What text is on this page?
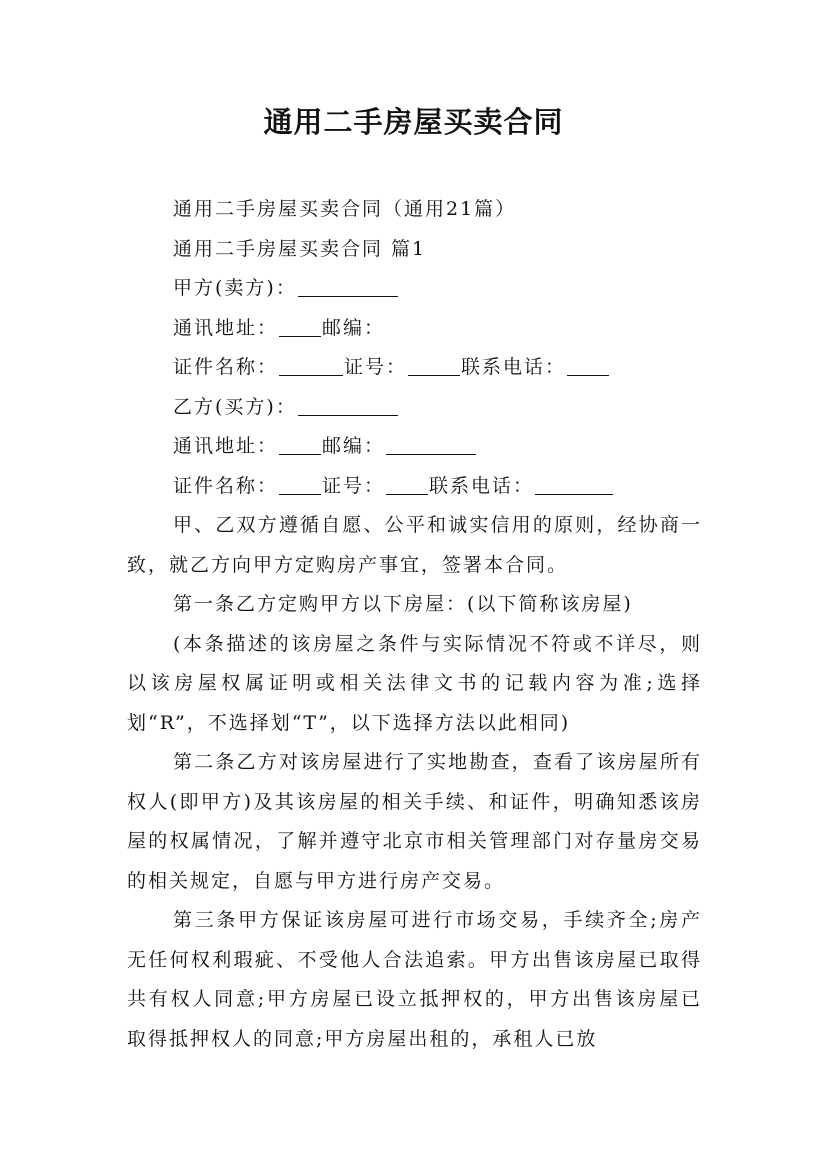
通用二手房屋买卖合同

通用二手房屋买卖合同（通用21篇）

通用二手房屋买卖合同 篇1

甲方(卖方)：

通讯地址： 邮编：

证件名称：	证号：	联系电话：

乙方(买方)：

通讯地址： 邮编：

证件名称： 证号： 联系电话：

甲、乙双方遵循自愿、公平和诚实信用的原则，经协商一致，就乙方向甲方定购房产事宜，签署本合同。

第一条乙方定购甲方以下房屋：(以下简称该房屋)

(本条描述的该房屋之条件与实际情况不符或不详尽，则以该房屋权属证明或相关法律文书的记载内容为准;选择划“R”，不选择划“T”，以下选择方法以此相同)

第二条乙方对该房屋进行了实地勘查，查看了该房屋所有权人(即甲方)及其该房屋的相关手续、和证件，明确知悉该房屋的权属情况，了解并遵守北京市相关管理部门对存量房交易的相关规定，自愿与甲方进行房产交易。

第三条甲方保证该房屋可进行市场交易，手续齐全;房产无任何权利瑕疵、不受他人合法追索。甲方出售该房屋已取得共有权人同意;甲方房屋已设立抵押权的，甲方出售该房屋已取得抵押权人的同意;甲方房屋出租的，承租人已放
